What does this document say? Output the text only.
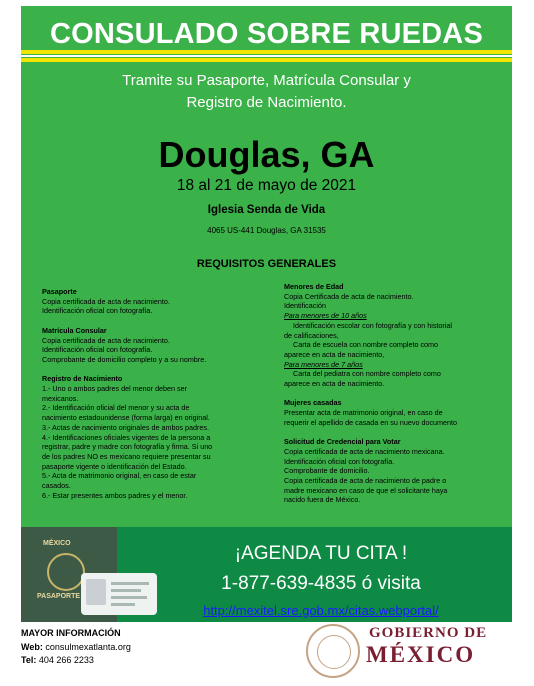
CONSULADO SOBRE RUEDAS
Tramite su Pasaporte, Matrícula Consular y
Registro de Nacimiento.
Douglas, GA
18 al 21 de mayo de 2021
Iglesia Senda de Vida
4065 US-441 Douglas, GA 31535
REQUISITOS GENERALES
Pasaporte
Copia certificada de acta de nacimiento.
Identificación oficial con fotografía.
Matrícula Consular
Copia certificada de acta de nacimiento.
Identificación oficial con fotografía.
Comprobante de domicilio completo y a su nombre.
Registro de Nacimiento
1.- Uno o ambos padres del menor deben ser
mexicanos.
2.- Identificación oficial del menor y su acta de
nacimiento estadounidense (forma larga) en original.
3.- Actas de nacimiento originales de ambos padres.
4.- Identificaciones oficiales vigentes de la persona a
registrar, padre y madre con fotografía y firma. Si uno
de los padres NO es mexicano requiere presentar su
pasaporte vigente o identificación del Estado.
5.- Acta de matrimonio original, en caso de estar
casados.
6.- Estar presentes ambos padres y el menor.
Menores de Edad
Copia Certificada de acta de nacimiento.
Identificación
Para menores de 10 años
Identificación escolar con fotografía y con historial
de calificaciones,
Carta de escuela con nombre completo como
aparece en acta de nacimiento,
Para menores de 7 años
Carta del pediatra con nombre completo como
aparece en acta de nacimiento.
Mujeres casadas
Presentar acta de matrimonio original, en caso de
requerir el apellido de casada en su nuevo documento
Solicitud de Credencial para Votar
Copia certificada de acta de nacimiento mexicana.
Identificación oficial con fotografía.
Comprobante de domicilio.
Copia certificada de acta de nacimiento de padre o
madre mexicano en caso de que el solicitante haya
nacido fuera de México.
MÉXICO
PASAPORTE
¡AGENDA TU CITA !
1-877-639-4835 ó visita
http://mexitel.sre.gob.mx/citas.webportal/
MAYOR INFORMACIÓN
Web: consulmexatlanta.org
Tel: 404 266 2233
GOBIERNO DE
MÉXICO
